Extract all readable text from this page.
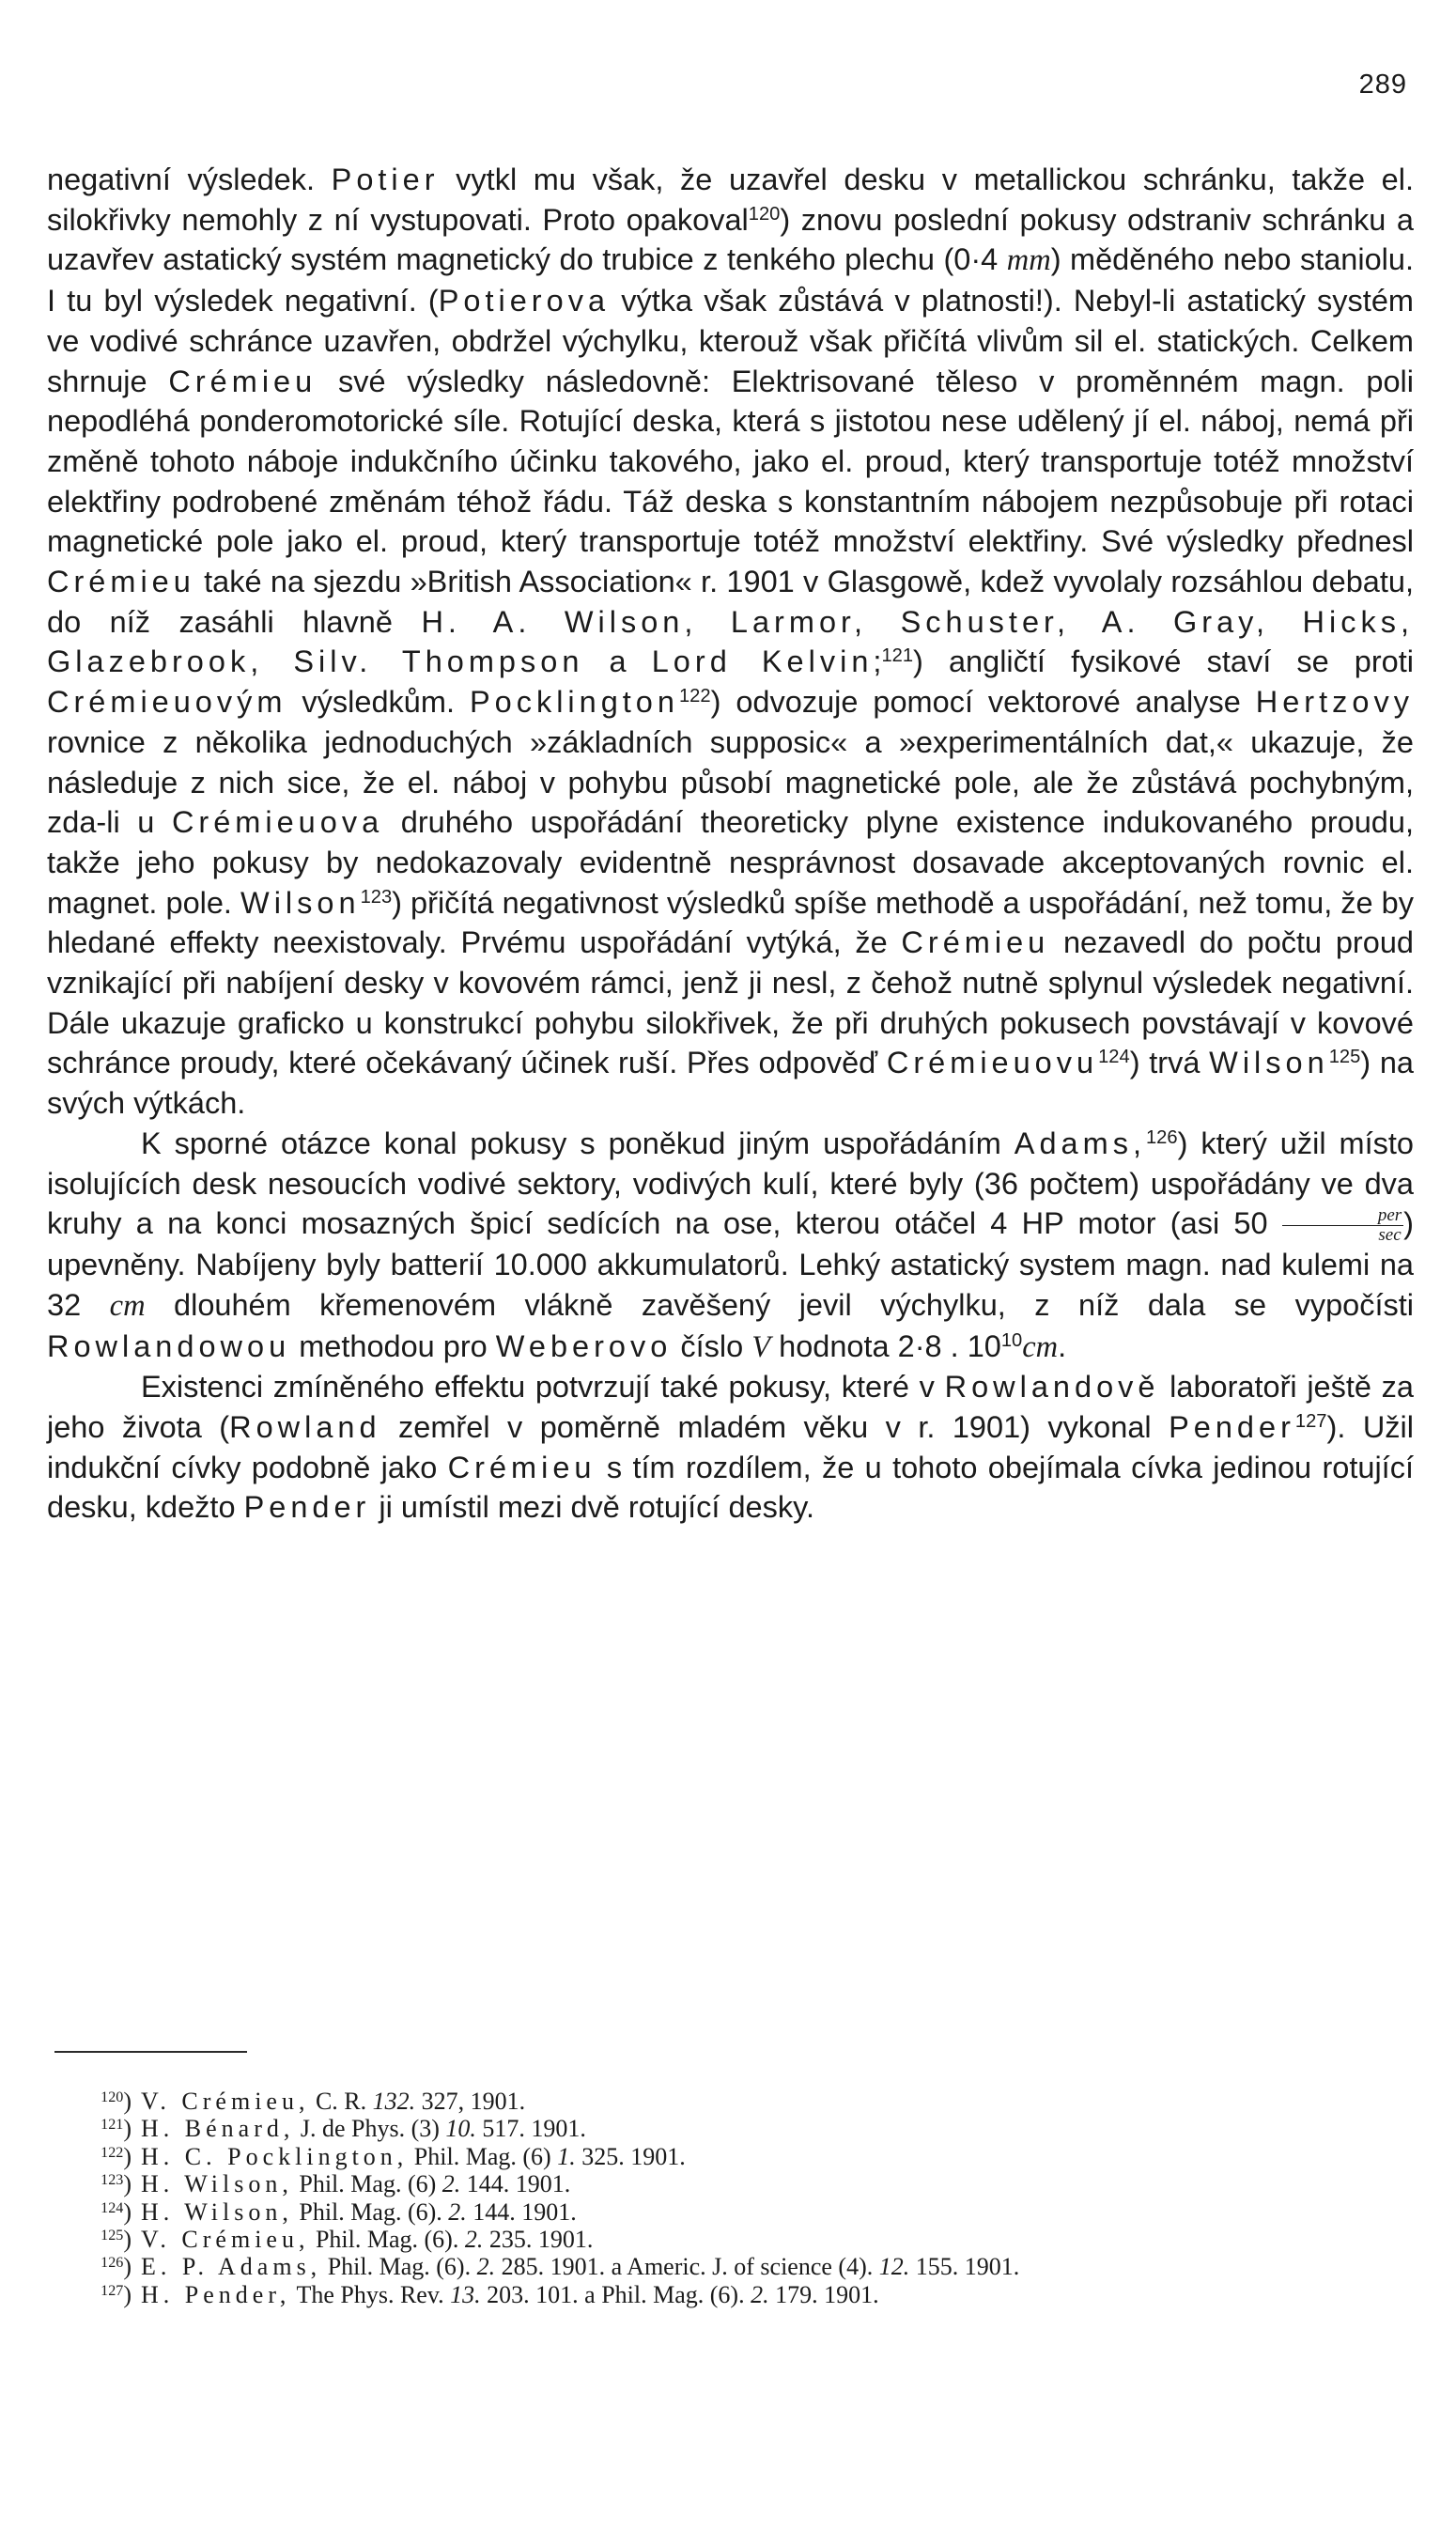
289

negativní výsledek. Potier vytkl mu však, že uzavřel desku v metallickou schránku, takže el. silokřivky nemohly z ní vystupovati. Proto opakoval$^{120}$) znovu poslední pokusy odstraniv schránku a uzavřev astatický systém magnetický do trubice z tenkého plechu (0·4 mm) měděného nebo staniolu. I tu byl výsledek negativní. (Potierova výtka však zůstává v platnosti!). Nebyl-li astatický systém ve vodivé schránce uzavřen, obdržel výchylku, kterouž však přičítá vlivům sil el. statických. Celkem shrnuje Crémieu své výsledky následovně: Elektrisované těleso v proměnném magn. poli nepodléhá ponderomotorické síle. Rotující deska, která s jistotou nese udělený jí el. náboj, nemá při změně tohoto náboje indukčního účinku takového, jako el. proud, který transportuje totéž množství elektřiny podrobené změnám téhož řádu. Táž deska s konstantním nábojem nezpůsobuje při rotaci magnetické pole jako el. proud, který transportuje totéž množství elektřiny. Své výsledky přednesl Crémieu také na sjezdu »British Association« r. 1901 v Glasgowě, kdež vyvolaly rozsáhlou debatu, do níž zasáhli hlavně H. A. Wilson, Larmor, Schuster, A. Gray, Hicks, Glazebrook, Silv. Thompson a Lord Kelvin;$^{121}$) angličtí fysikové staví se proti Crémieuovým výsledkům. Pocklington$^{122}$) odvozuje pomocí vektorové analyse Hertzovy rovnice z několika jednoduchých »základních supposic« a »experimentálních dat,« ukazuje, že následuje z nich sice, že el. náboj v pohybu působí magnetické pole, ale že zůstává pochybným, zda-li u Crémieuova druhého uspořádání theoreticky plyne existence indukovaného proudu, takže jeho pokusy by nedokazovaly evidentně nesprávnost dosavade akceptovaných rovnic el. magnet. pole. Wilson$^{123}$) přičítá negativnost výsledků spíše methodě a uspořádání, než tomu, že by hledané effekty neexistovaly. Prvému uspořádání vytýká, že Crémieu nezavedl do počtu proud vznikající při nabíjení desky v kovovém rámci, jenž ji nesl, z čehož nutně splynul výsledek negativní. Dále ukazuje graficko u konstrukcí pohybu silokřivek, že při druhých pokusech povstávají v kovové schránce proudy, které očekávaný účinek ruší. Přes odpověď Crémieuovu$^{124}$) trvá Wilson$^{125}$) na svých výtkách.

K sporné otázce konal pokusy s poněkud jiným uspořádáním Adams,$^{126}$) který užil místo isolujících desk nesoucích vodivé sektory, vodivých kulí, které byly (36 počtem) uspořádány ve dva kruhy a na konci mosazných špicí sedících na ose, kterou otáčel 4 HP motor (asi $50 \frac{\text{per}}{\sec}$ ) upevněny. Nabíjeny byly batterií 10.000 akkumulatorů. Lehký astatický system magn. nad kulemi na 32 cm dlouhém křemenovém vlákně zavěšený jevil výchylku, z níž dala se vypočísti Rowlandowou methodou pro Weberovo číslo V hodnota 2·8 . 10$^{10}$cm.

Existenci zmíněného effektu potvrzují také pokusy, které v Rowlandově laboratoři ještě za jeho života (Rowland zemřel v poměrně mladém věku v r. 1901) vykonal Pender$^{127}$). Užil indukční cívky podobně jako Crémieu s tím rozdílem, že u tohoto obejímala cívka jedinou rotující desku, kdežto Pender ji umístil mezi dvě rotující desky.

$^{120}$) V. Crémieu, C. R. 132. 327, 1901.

$^{121}$) H. Bénard, J. de Phys. (3) 10. 517. 1901.

$^{122}$) H. C. Pocklington, Phil. Mag. (6) 1. 325. 1901.

$^{123}$) H. Wilson, Phil. Mag. (6) 2. 144. 1901.

$^{124}$) H. Wilson, Phil. Mag. (6). 2. 144. 1901.

$^{125}$) V. Crémieu, Phil. Mag. (6). 2. 235. 1901.

$^{126}$) E. P. Adams, Phil. Mag. (6). 2. 285. 1901. a Americ. J. of science (4). 12. 155. 1901.

$^{127}$) H. Pender, The Phys. Rev. 13. 203. 101. a Phil. Mag. (6). 2. 179. 1901.
